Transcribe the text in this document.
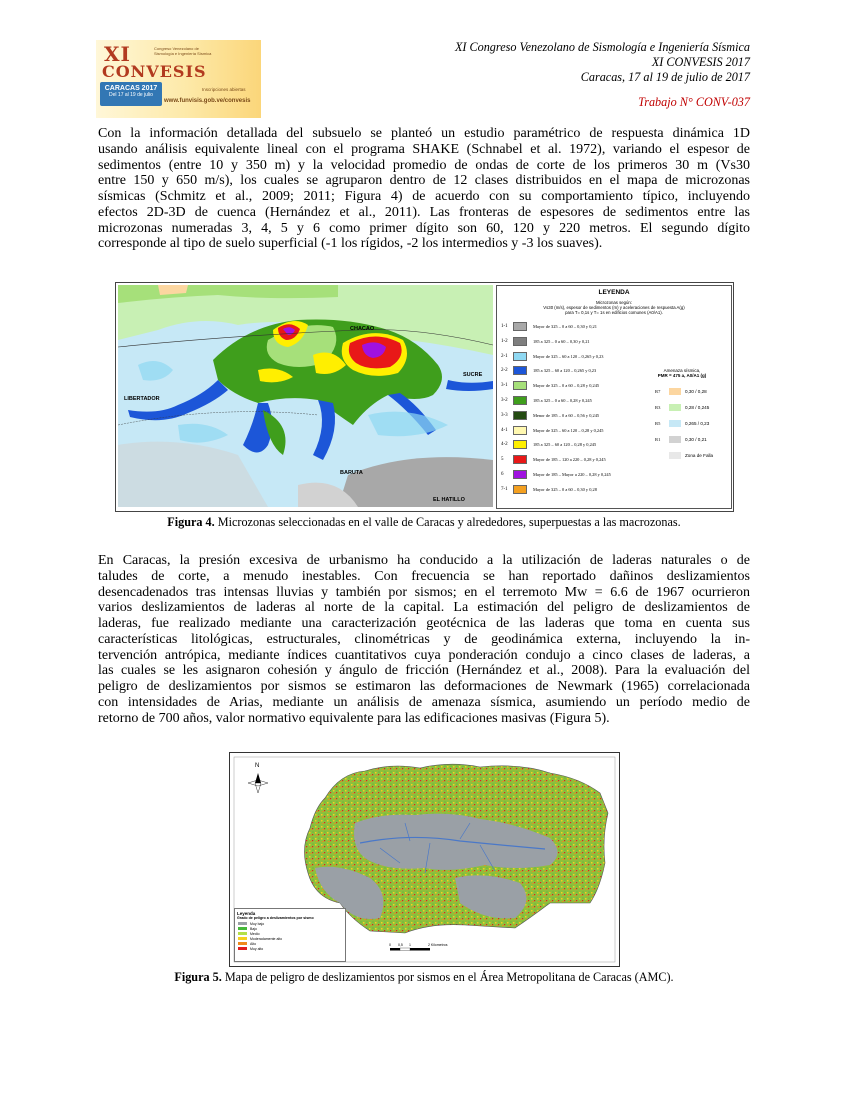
XI
CONVESIS
Congreso Venezolano de Sismología e Ingeniería Sísmica
CARACAS 2017
Del 17 al 19 de julio
Inscripciones abiertas
www.funvisis.gob.ve/convesis
XI Congreso Venezolano de Sismología e Ingeniería Sísmica
XI CONVESIS 2017
Caracas, 17 al 19 de julio de 2017
Trabajo N° CONV-037
Con la información detallada del subsuelo se planteó un estudio paramétrico de respuesta dinámica 1D
usando análisis equivalente lineal con el programa SHAKE (Schnabel et al. 1972), variando el espesor de
sedimentos (entre 10 y 350 m) y la velocidad promedio de ondas de corte de los primeros 30 m (Vs30
entre 150 y 650 m/s), los cuales se agruparon dentro de 12 clases distribuidos en el mapa de microzonas
sísmicas (Schmitz et al., 2009; 2011; Figura 4) de acuerdo con su comportamiento típico, incluyendo
efectos 2D-3D de cuenca (Hernández et al., 2011). Las fronteras de espesores de sedimentos entre las
microzonas numeradas 3, 4, 5 y 6 como primer dígito son 60, 120 y 220 metros. El segundo dígito
corresponde al tipo de suelo superficial (-1 los rígidos, -2 los intermedios y -3 los suaves).
CHACAO
SUCRE
LIBERTADOR
BARUTA
EL HATILLO
LEYENDA
Microzonas según:
Vs30 (m/s), espesor de sedimentos (m) y aceleraciones de respuesta A(g)
para T= 0,1s y T= 1s en edificios comunes (A0/A1).
1-1	Mayor de 325 – 0 a 60 – 0,30 y 0,21
1-2	185 a 325 – 0 a 60 – 0,30 y 0,21
2-1	Mayor de 325 – 60 a 120 – 0,265 y 0,23
2-2	185 a 325 – 60 a 120 – 0,265 y 0,23
3-1	Mayor de 325 – 0 a 60 – 0,28 y 0,245
3-2	185 a 325 – 0 a 60 – 0,28 y 0,245
3-3	Menor de 185 – 0 a 60 – 0,56 y 0,245
4-1	Mayor de 325 – 60 a 120 – 0,28 y 0,245
4-2	185 a 325 – 60 a 120 – 0,28 y 0,245
5	Mayor de 185 – 120 a 220 – 0,28 y 0,245
6	Mayor de 185 – Mayor a 220 – 0,28 y 0,245
7-1	Mayor de 325 – 0 a 60 – 0,30 y 0,28
Amenaza sísmica,
PMR = 475 a, A0/A1 (g)
R7	0,30 / 0,28
R3	0,28 / 0,245
R5	0,265 / 0,23
R1	0,30 / 0,21
Zona de Falla
Figura 4. Microzonas seleccionadas en el valle de Caracas y alrededores, superpuestas a las macrozonas.
En Caracas, la presión excesiva de urbanismo ha conducido a la utilización de laderas naturales o de
taludes de corte, a menudo inestables. Con frecuencia se han reportado dañinos deslizamientos
desencadenados tras intensas lluvias y también por sismos; en el terremoto Mw = 6.6 de 1967 ocurrieron
varios deslizamientos de laderas al norte de la capital. La estimación del peligro de deslizamientos de
laderas, fue realizado mediante una caracterización geotécnica de las laderas que toma en cuenta sus
características litológicas, estructurales, clinométricas y de geodinámica externa, incluyendo la in-
tervención antrópica, mediante índices cuantitativos cuya ponderación condujo a cinco clases de laderas, a
las cuales se les asignaron cohesión y ángulo de fricción (Hernández et al., 2008). Para la evaluación del
peligro de deslizamientos por sismos se estimaron las deformaciones de Newmark (1965) correlacionada
con intensidades de Arias, mediante un análisis de amenaza sísmica, asumiendo un período medio de
retorno de 700 años, valor normativo equivalente para las edificaciones masivas (Figura 5).
N
0 0,5 1	2 Kilometros
Leyenda
Grado de peligro a deslizamientos por sismo
Muy bajo
Bajo
Medio
Moderadamente alto
Alto
Muy alto
Figura 5. Mapa de peligro de deslizamientos por sismos en el Área Metropolitana de Caracas (AMC).
